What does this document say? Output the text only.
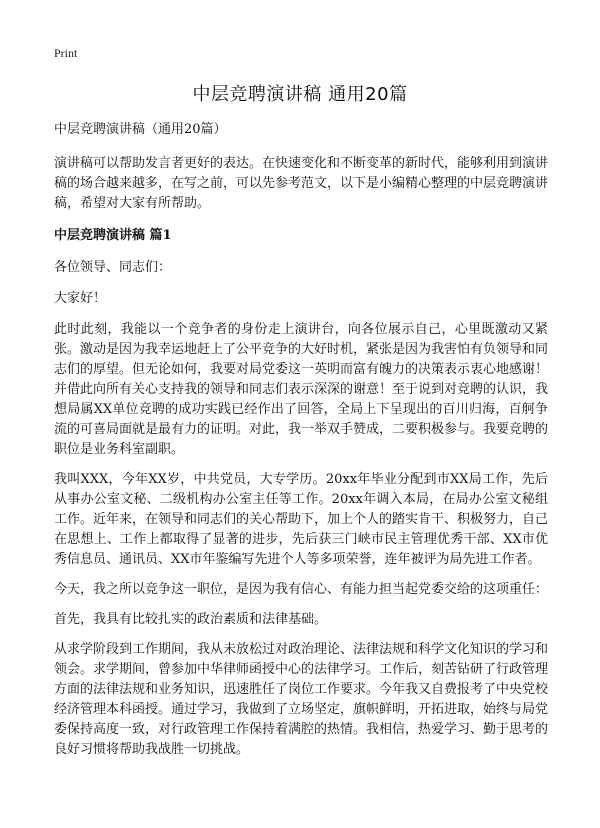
Print
中层竞聘演讲稿 通用20篇

中层竞聘演讲稿（通用20篇）

演讲稿可以帮助发言者更好的表达。在快速变化和不断变革的新时代，能够利用到演讲稿的场合越来越多，在写之前，可以先参考范文，以下是小编精心整理的中层竞聘演讲稿，希望对大家有所帮助。

中层竞聘演讲稿 篇1

各位领导、同志们：

大家好！

此时此刻，我能以一个竞争者的身份走上演讲台，向各位展示自己，心里既激动又紧张。激动是因为我幸运地赶上了公平竞争的大好时机，紧张是因为我害怕有负领导和同志们的厚望。但无论如何，我要对局党委这一英明而富有魄力的决策表示衷心地感谢！并借此向所有关心支持我的领导和同志们表示深深的谢意！至于说到对竞聘的认识，我想局属XX单位竞聘的成功实践已经作出了回答，全局上下呈现出的百川归海，百舸争流的可喜局面就是最有力的证明。对此，我一举双手赞成，二要积极参与。我要竞聘的职位是业务科室副职。

我叫XXX，今年XX岁，中共党员，大专学历。20xx年毕业分配到市XX局工作，先后从事办公室文秘、二级机构办公室主任等工作。20xx年调入本局，在局办公室文秘组工作。近年来，在领导和同志们的关心帮助下，加上个人的踏实肯干、积极努力，自己在思想上、工作上都取得了显著的进步，先后获三门峡市民主管理优秀干部、XX市优秀信息员、通讯员、XX市年鉴编写先进个人等多项荣誉，连年被评为局先进工作者。

今天，我之所以竞争这一职位，是因为我有信心、有能力担当起党委交给的这项重任：

首先，我具有比较扎实的政治素质和法律基础。

从求学阶段到工作期间，我从未放松过对政治理论、法律法规和科学文化知识的学习和领会。求学期间，曾参加中华律师函授中心的法律学习。工作后，刻苦钻研了行政管理方面的法律法规和业务知识，迅速胜任了岗位工作要求。今年我又自费报考了中央党校经济管理本科函授。通过学习，我做到了立场坚定，旗帜鲜明，开拓进取，始终与局党委保持高度一致，对行政管理工作保持着满腔的热情。我相信，热爱学习、勤于思考的良好习惯将帮助我战胜一切挑战。
